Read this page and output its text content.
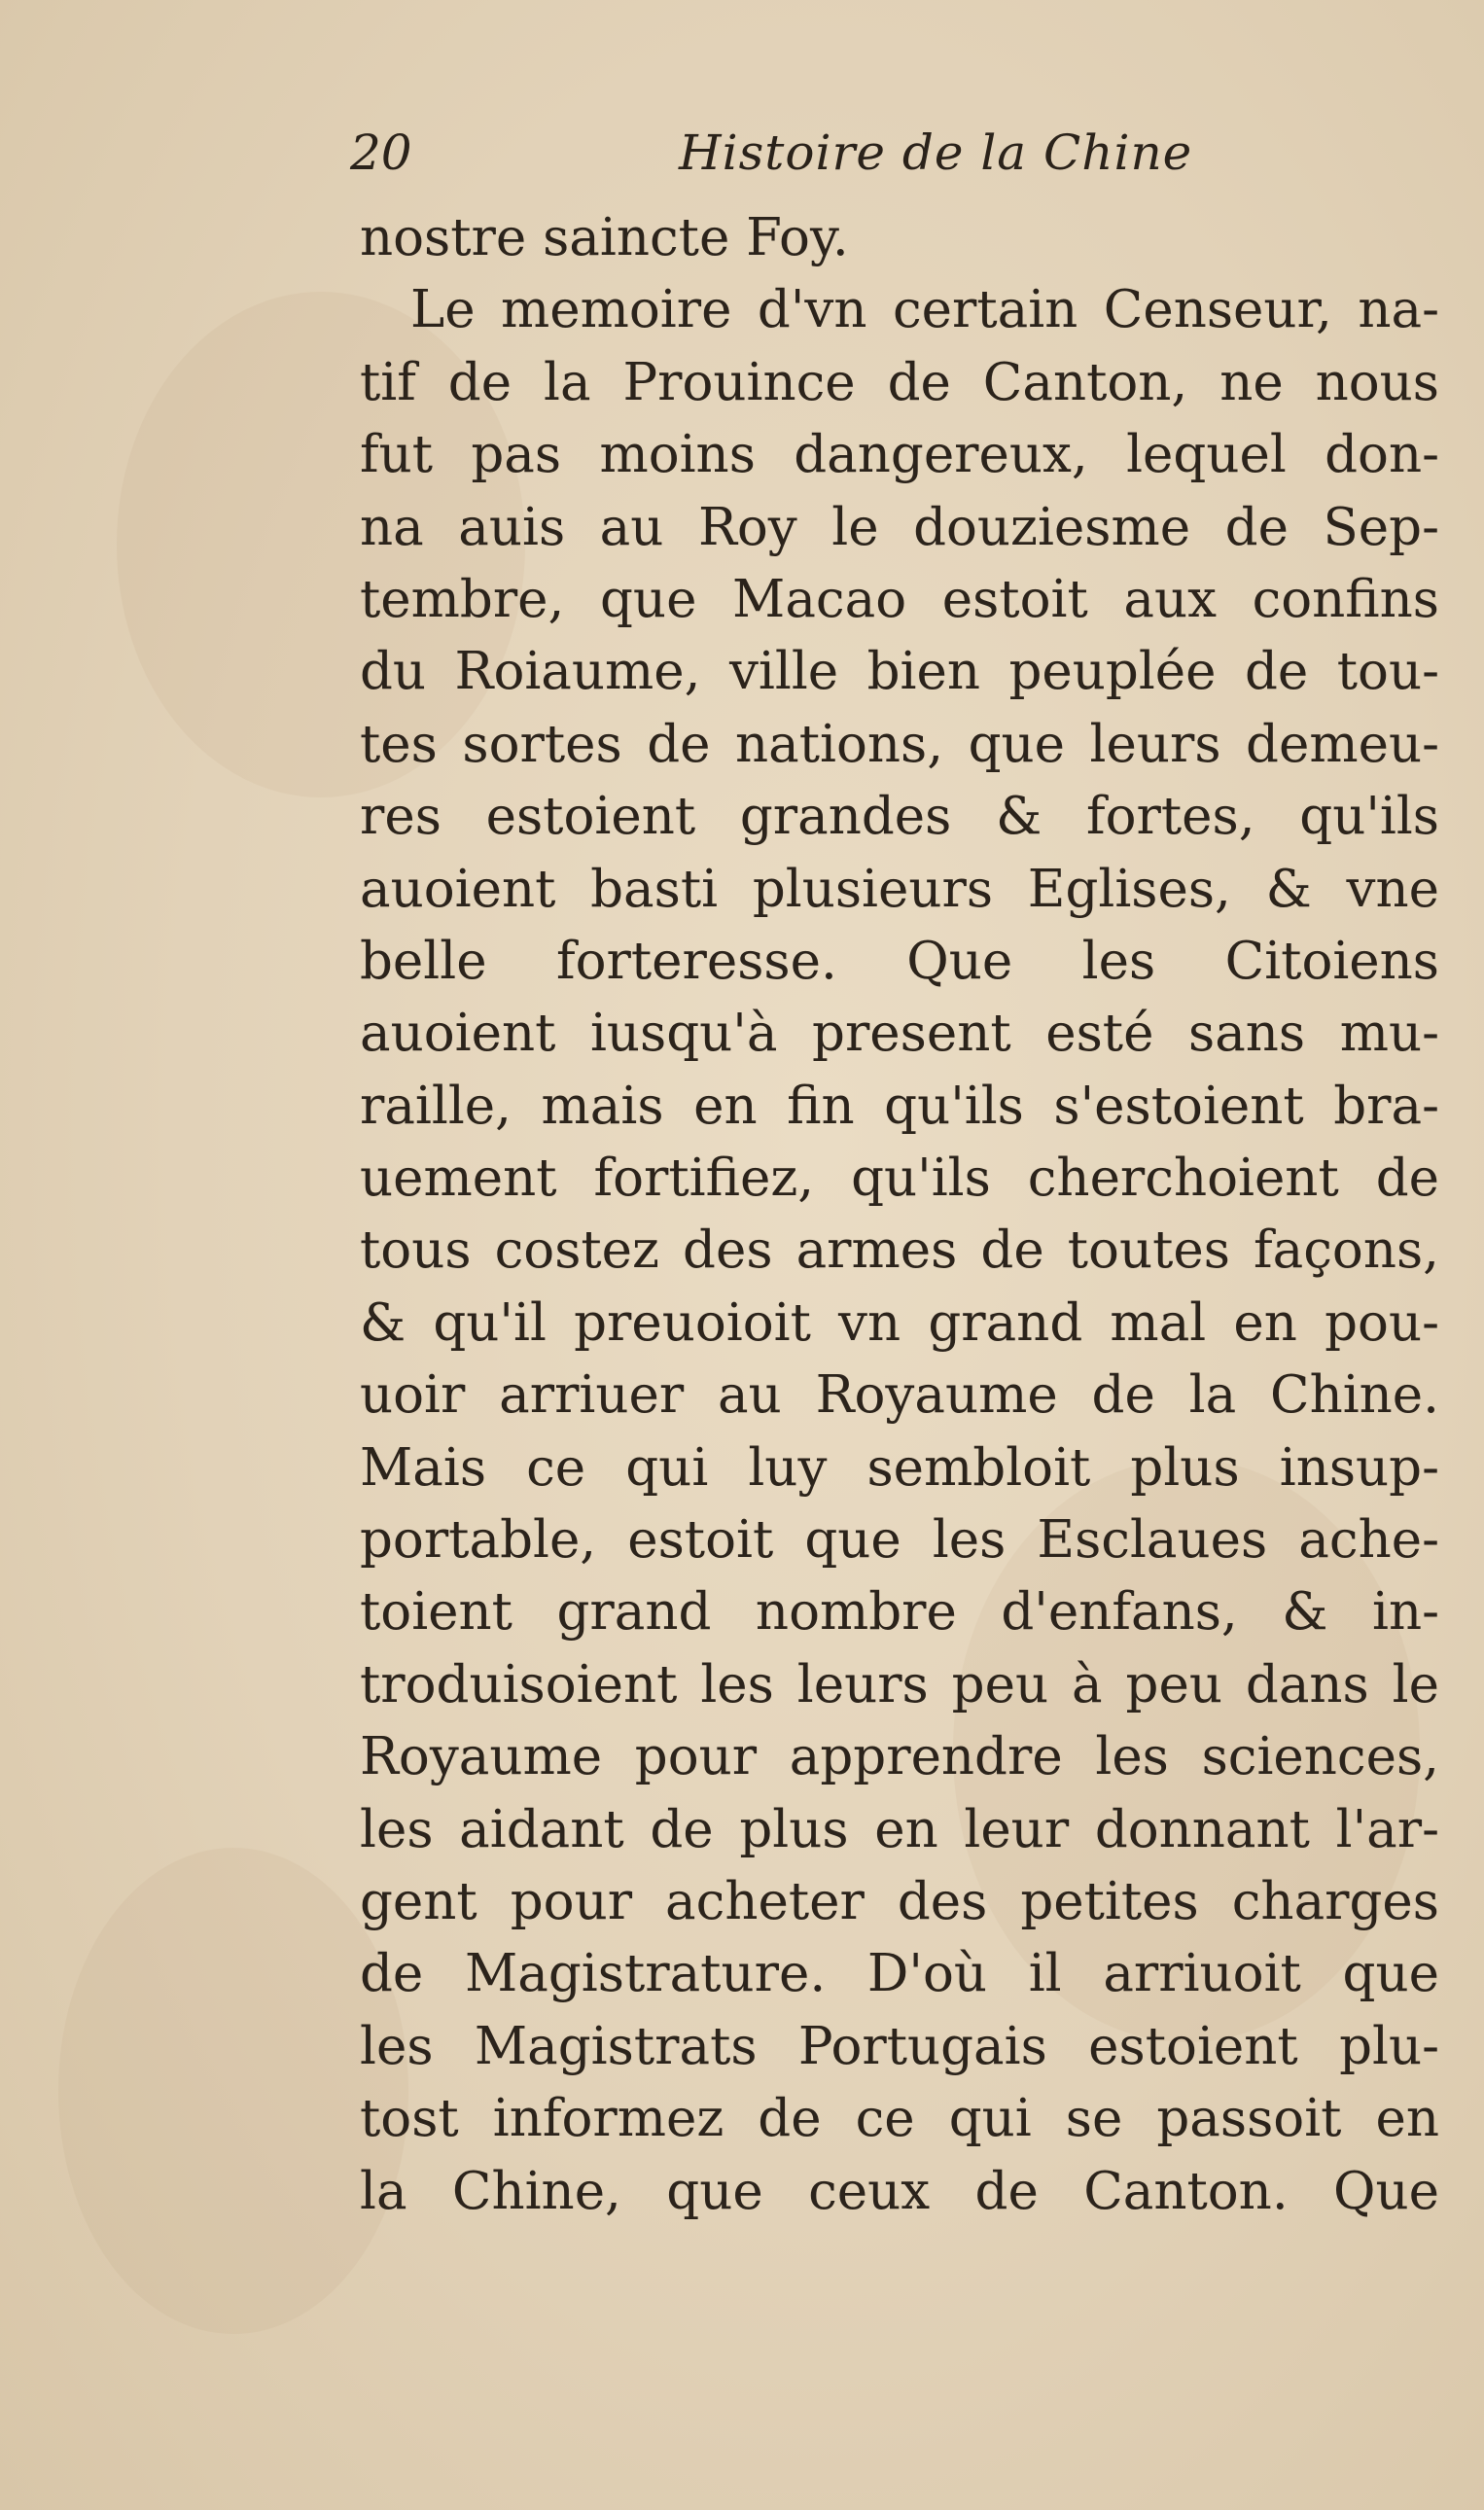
20	Histoire de la Chine
nostre saincte Foy.
Le memoire d'vn certain Censeur, na-
tif de la Prouince de Canton, ne nous
fut pas moins dangereux, lequel don-
na auis au Roy le douziesme de Sep-
tembre, que Macao estoit aux confins
du Roiaume, ville bien peuplée de tou-
tes sortes de nations, que leurs demeu-
res estoient grandes & fortes, qu'ils
auoient basti plusieurs Eglises, & vne
belle forteresse. Que les Citoiens
auoient iusqu'à present esté sans mu-
raille, mais en fin qu'ils s'estoient bra-
uement fortifiez, qu'ils cherchoient de
tous costez des armes de toutes façons,
& qu'il preuoioit vn grand mal en pou-
uoir arriuer au Royaume de la Chine.
Mais ce qui luy sembloit plus insup-
portable, estoit que les Esclaues ache-
toient grand nombre d'enfans, & in-
troduisoient les leurs peu à peu dans le
Royaume pour apprendre les sciences,
les aidant de plus en leur donnant l'ar-
gent pour acheter des petites charges
de Magistrature. D'où il arriuoit que
les Magistrats Portugais estoient plu-
tost informez de ce qui se passoit en
la Chine, que ceux de Canton. Que
